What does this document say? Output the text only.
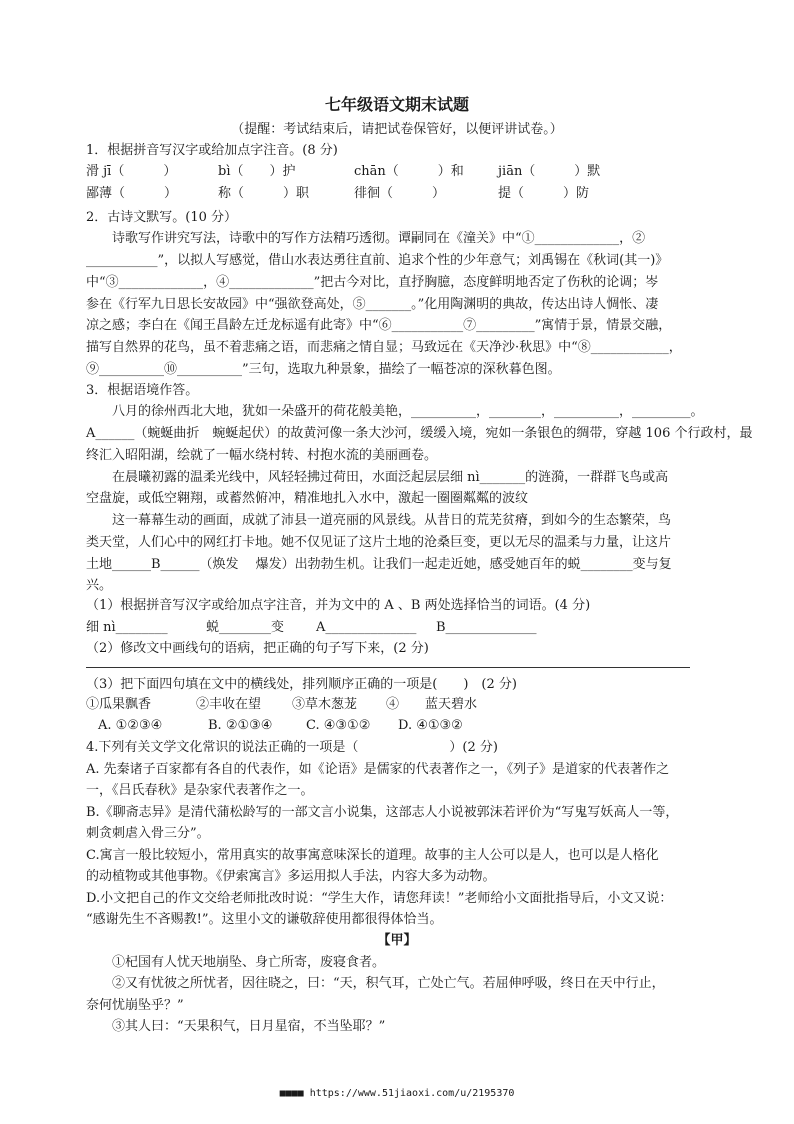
七年级语文期末试题
（提醒：考试结束后，请把试卷保管好，以便评讲试卷。）
1．根据拼音写汉字或给加点字注音。(8 分)
滑 jī（　　　）	bì（　　）护	chān（　　　）和	jiān（　　　）默
鄙薄（　　　）	称（　　　）职	徘徊（　　　）	提（　　　）防
2．古诗文默写。(10 分）
诗歌写作讲究写法，诗歌中的写作方法精巧透彻。谭嗣同在《潼关》中“①_____________，②
___________”，以拟人写感觉，借山水表达勇往直前、追求个性的少年意气；刘禹锡在《秋词(其一)》
中“③_____________，④_____________”把古今对比，直抒胸臆，态度鲜明地否定了伤秋的论调；岑
参在《行军九日思长安故园》中“强欲登高处，⑤_______。”化用陶渊明的典故，传达出诗人惆怅、凄
凉之感；李白在《闻王昌龄左迁龙标遥有此寄》中“⑥___________⑦_________”寓情于景，情景交融，
描写自然界的花鸟，虽不着悲痛之语，而悲痛之情自显；马致远在《天净沙·秋思》中“⑧____________，
⑨__________⑩__________”三句，选取九种景象，描绘了一幅苍凉的深秋暮色图。
3．根据语境作答。
八月的徐州西北大地，犹如一朵盛开的荷花般美艳，__________，________，__________，_________。
A______（蜿蜒曲折　蜿蜒起伏）的故黄河像一条大沙河，缓缓入境，宛如一条银色的绸带，穿越 106 个行政村，最
终汇入昭阳湖，绘就了一幅水绕村转、村抱水流的美丽画卷。
在晨曦初露的温柔光线中，风轻轻拂过荷田，水面泛起层层细 nì_______的涟漪，一群群飞鸟或高
空盘旋，或低空翱翔，或蓄然俯冲，精准地扎入水中，激起一圈圈粼粼的波纹
这一幕幕生动的画面，成就了沛县一道亮丽的风景线。从昔日的荒芜贫瘠，到如今的生态繁荣，鸟
类天堂，人们心中的网红打卡地。她不仅见证了这片土地的沧桑巨变，更以无尽的温柔与力量，让这片
土地______B______（焕发　 爆发）出勃勃生机。让我们一起走近她，感受她百年的蜕________变与复
兴。
（1）根据拼音写汉字或给加点字注音，并为文中的 A 、B 两处选择恰当的词语。(4 分)
细 nì________	蜕________变 A______________ B______________
（2）修改文中画线句的语病，把正确的句子写下来，(2 分)
（3）把下面四句填在文中的横线处，排列顺序正确的一项是(　　)　(2 分)
①瓜果飘香	②丰收在望 ③草木葱茏 ④　　蓝天碧水
A. ①②③④	B. ②①③④	C. ④③①② D. ④①③②
4.下列有关文学文化常识的说法正确的一项是（　　　　　　　）(2 分)
A. 先秦诸子百家都有各自的代表作，如《论语》是儒家的代表著作之一，《列子》是道家的代表著作之
一，《吕氏春秋》是杂家代表著作之一。
B.《聊斋志异》是清代蒲松龄写的一部文言小说集，这部志人小说被郭沫若评价为“写鬼写妖高人一等，
刺贪刺虐入骨三分”。
C.寓言一般比较短小，常用真实的故事寓意味深长的道理。故事的主人公可以是人，也可以是人格化
的动植物或其他事物。《伊索寓言》多运用拟人手法，内容大多为动物。
D.小文把自己的作文交给老师批改时说：“学生大作，请您拜读！”老师给小文面批指导后，小文又说：
“感谢先生不吝赐教!”。这里小文的谦敬辞使用都很得体恰当。
【甲】
①杞国有人忧天地崩坠、身亡所寄，废寝食者。
②又有忧彼之所忧者，因往晓之，曰：“天，积气耳，亡处亡气。若屈伸呼吸，终日在天中行止，
奈何忧崩坠乎？”
③其人曰：“天果积气，日月星宿，不当坠耶？”
■■■■ https://www.51jiaoxi.com/u/2195370
